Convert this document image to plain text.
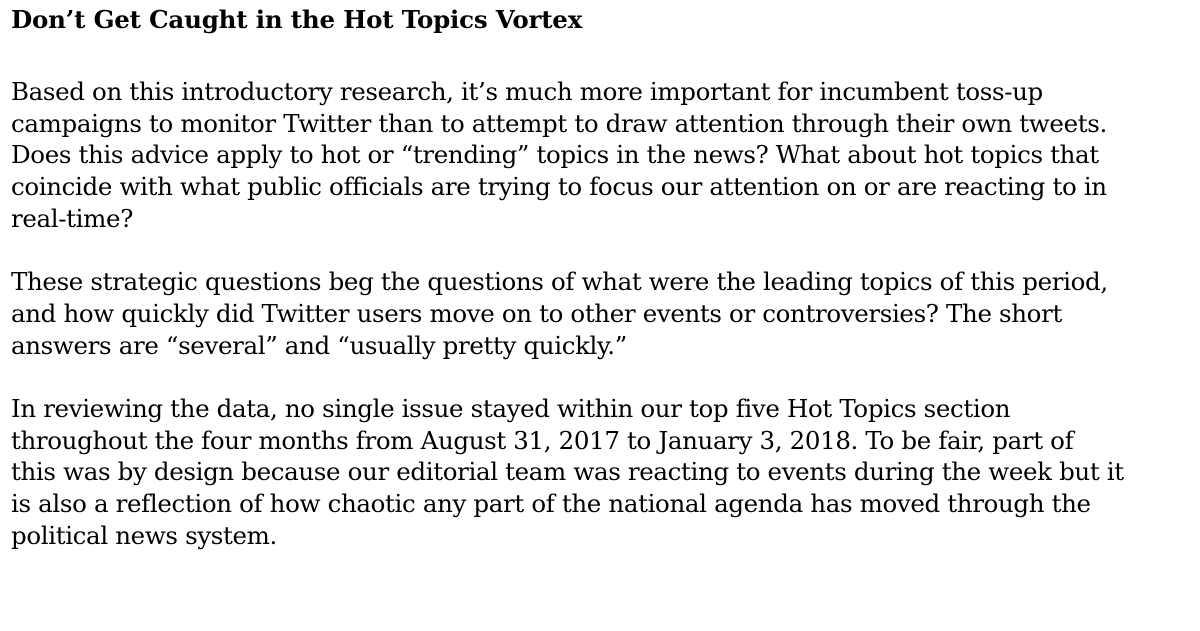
Don’t Get Caught in the Hot Topics Vortex

Based on this introductory research, it’s much more important for incumbent toss-up
campaigns to monitor Twitter than to attempt to draw attention through their own tweets.
Does this advice apply to hot or “trending” topics in the news? What about hot topics that
coincide with what public officials are trying to focus our attention on or are reacting to in
real-time?

These strategic questions beg the questions of what were the leading topics of this period,
and how quickly did Twitter users move on to other events or controversies? The short
answers are “several” and “usually pretty quickly.”

In reviewing the data, no single issue stayed within our top five Hot Topics section
throughout the four months from August 31, 2017 to January 3, 2018. To be fair, part of
this was by design because our editorial team was reacting to events during the week but it
is also a reflection of how chaotic any part of the national agenda has moved through the
political news system.
